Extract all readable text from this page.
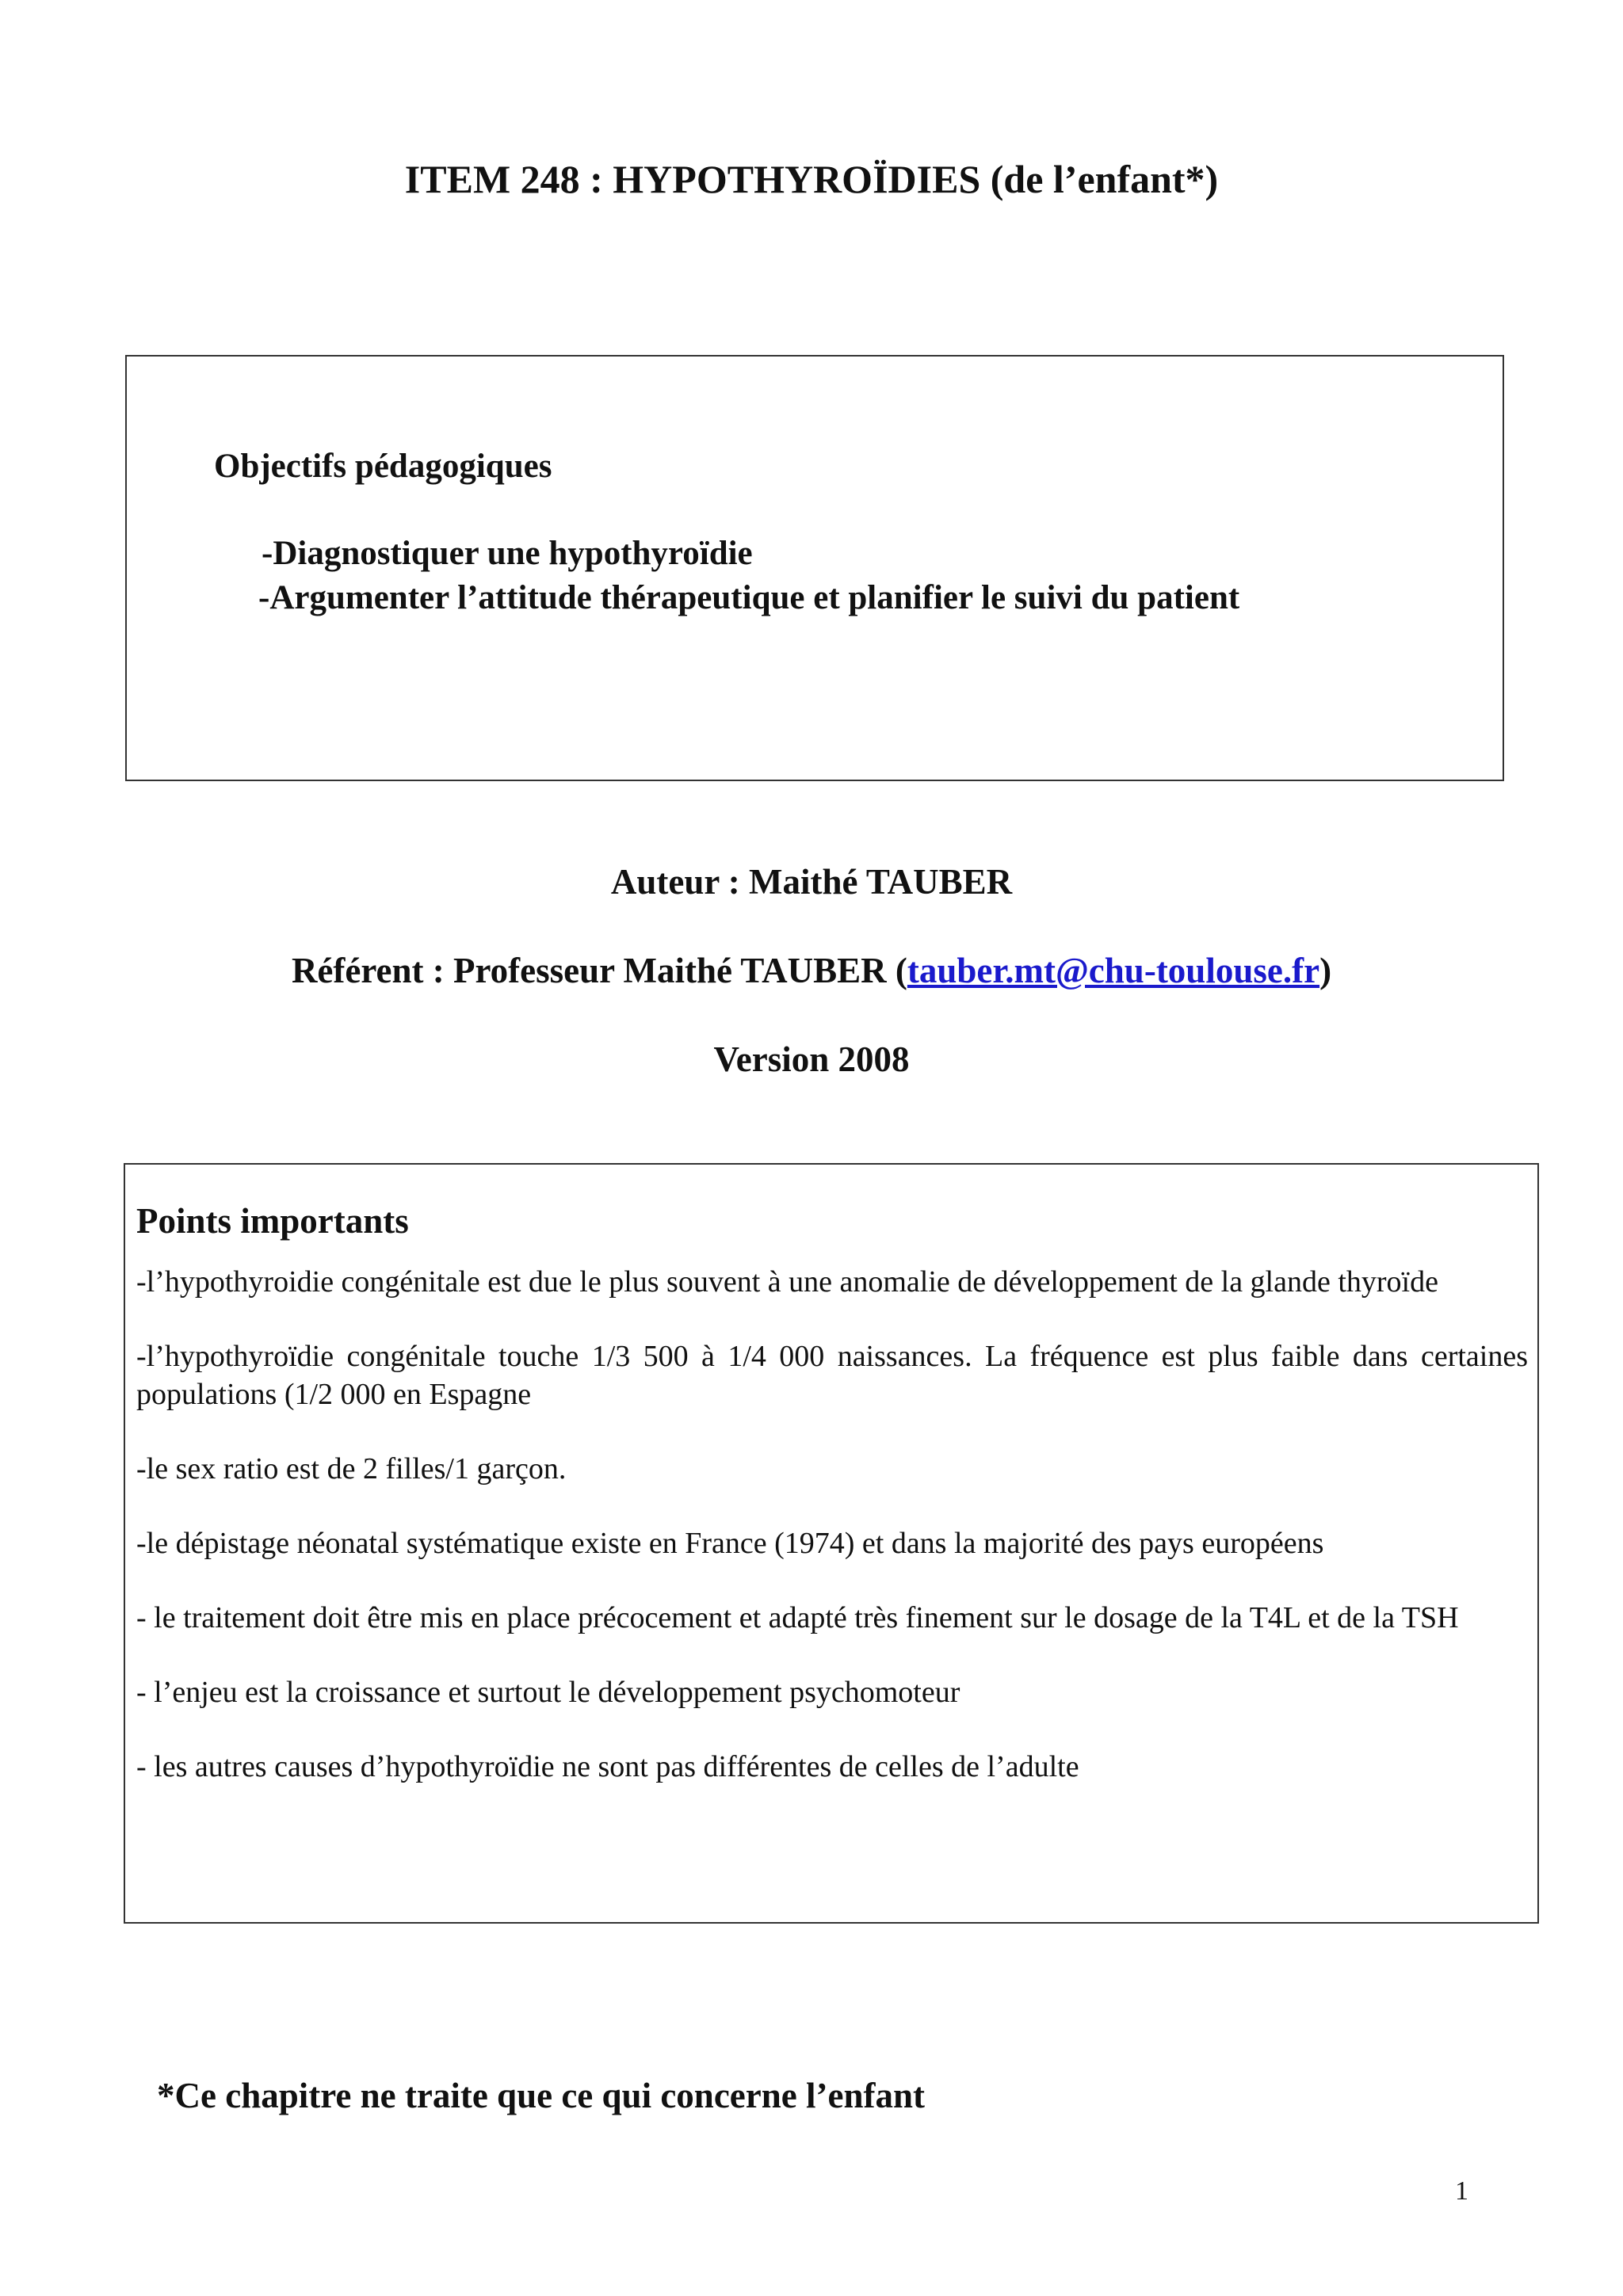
ITEM 248 : HYPOTHYROÏDIES (de l’enfant*)
Objectifs pédagogiques
-Diagnostiquer une hypothyroïdie
-Argumenter l’attitude thérapeutique et planifier le suivi du patient
Auteur : Maithé TAUBER
Référent : Professeur Maithé TAUBER (tauber.mt@chu-toulouse.fr)
Version 2008
Points importants

-l’hypothyroidie congénitale est due le plus souvent à une anomalie de développement de la glande thyroïde

-l’hypothyroïdie congénitale touche 1/3 500 à 1/4 000 naissances. La fréquence est plus faible dans certaines populations (1/2 000 en Espagne

-le sex ratio est de 2 filles/1 garçon.

-le dépistage néonatal systématique existe en France (1974) et dans la majorité des pays européens

- le traitement doit être mis en place précocement et adapté très finement sur le dosage de la T4L et de la TSH

- l’enjeu est la croissance et surtout le développement psychomoteur

- les autres causes d’hypothyroïdie ne sont pas différentes de celles de l’adulte

*Ce chapitre ne traite que ce qui concerne l’enfant
1
